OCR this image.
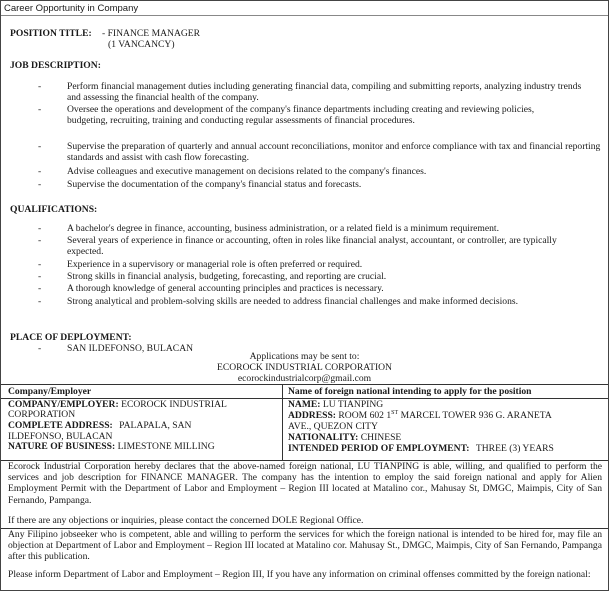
Career Opportunity in Company
POSITION TITLE: - FINANCE MANAGER
(1 VANCANCY)
JOB DESCRIPTION:
-	Perform financial management duties including generating financial data, compiling and submitting reports, analyzing industry trends and assessing the financial health of the company.
-	Oversee the operations and development of the company's finance departments including creating and reviewing policies, budgeting, recruiting, training and conducting regular assessments of financial procedures.
-	Supervise the preparation of quarterly and annual account reconciliations, monitor and enforce compliance with tax and financial reporting standards and assist with cash flow forecasting.
-	Advise colleagues and executive management on decisions related to the company's finances.
-	Supervise the documentation of the company's financial status and forecasts.
QUALIFICATIONS:
-	A bachelor's degree in finance, accounting, business administration, or a related field is a minimum requirement.
-	Several years of experience in finance or accounting, often in roles like financial analyst, accountant, or controller, are typically expected.
-	Experience in a supervisory or managerial role is often preferred or required.
-	Strong skills in financial analysis, budgeting, forecasting, and reporting are crucial.
-	A thorough knowledge of general accounting principles and practices is necessary.
-	Strong analytical and problem-solving skills are needed to address financial challenges and make informed decisions.
PLACE OF DEPLOYMENT:
-	SAN ILDEFONSO, BULACAN
Applications may be sent to:
ECOROCK INDUSTRIAL CORPORATION
ecorockindustrialcorp@gmail.com
Company/Employer	Name of foreign national intending to apply for the position
COMPANY/EMPLOYER: ECOROCK INDUSTRIAL
CORPORATION
COMPLETE ADDRESS: PALAPALA, SAN
ILDEFONSO, BULACAN
NATURE OF BUSINESS: LIMESTONE MILLING
NAME: LU TIANPING
ADDRESS: ROOM 602 1ST MARCEL TOWER 936 G. ARANETA
AVE., QUEZON CITY
NATIONALITY: CHINESE
INTENDED PERIOD OF EMPLOYMENT: THREE (3) YEARS
Ecorock Industrial Corporation hereby declares that the above-named foreign national, LU TIANPING is able, willing, and qualified to perform the services and job description for FINANCE MANAGER. The company has the intention to employ the said foreign national and apply for Alien Employment Permit with the Department of Labor and Employment – Region III located at Matalino cor., Mahusay St, DMGC, Maimpis, City of San Fernando, Pampanga.
If there are any objections or inquiries, please contact the concerned DOLE Regional Office.
Any Filipino jobseeker who is competent, able and willing to perform the services for which the foreign national is intended to be hired for, may file an objection at Department of Labor and Employment – Region III located at Matalino cor. Mahusay St., DMGC, Maimpis, City of San Fernando, Pampanga after this publication.
Please inform Department of Labor and Employment – Region III, If you have any information on criminal offenses committed by the foreign national:
